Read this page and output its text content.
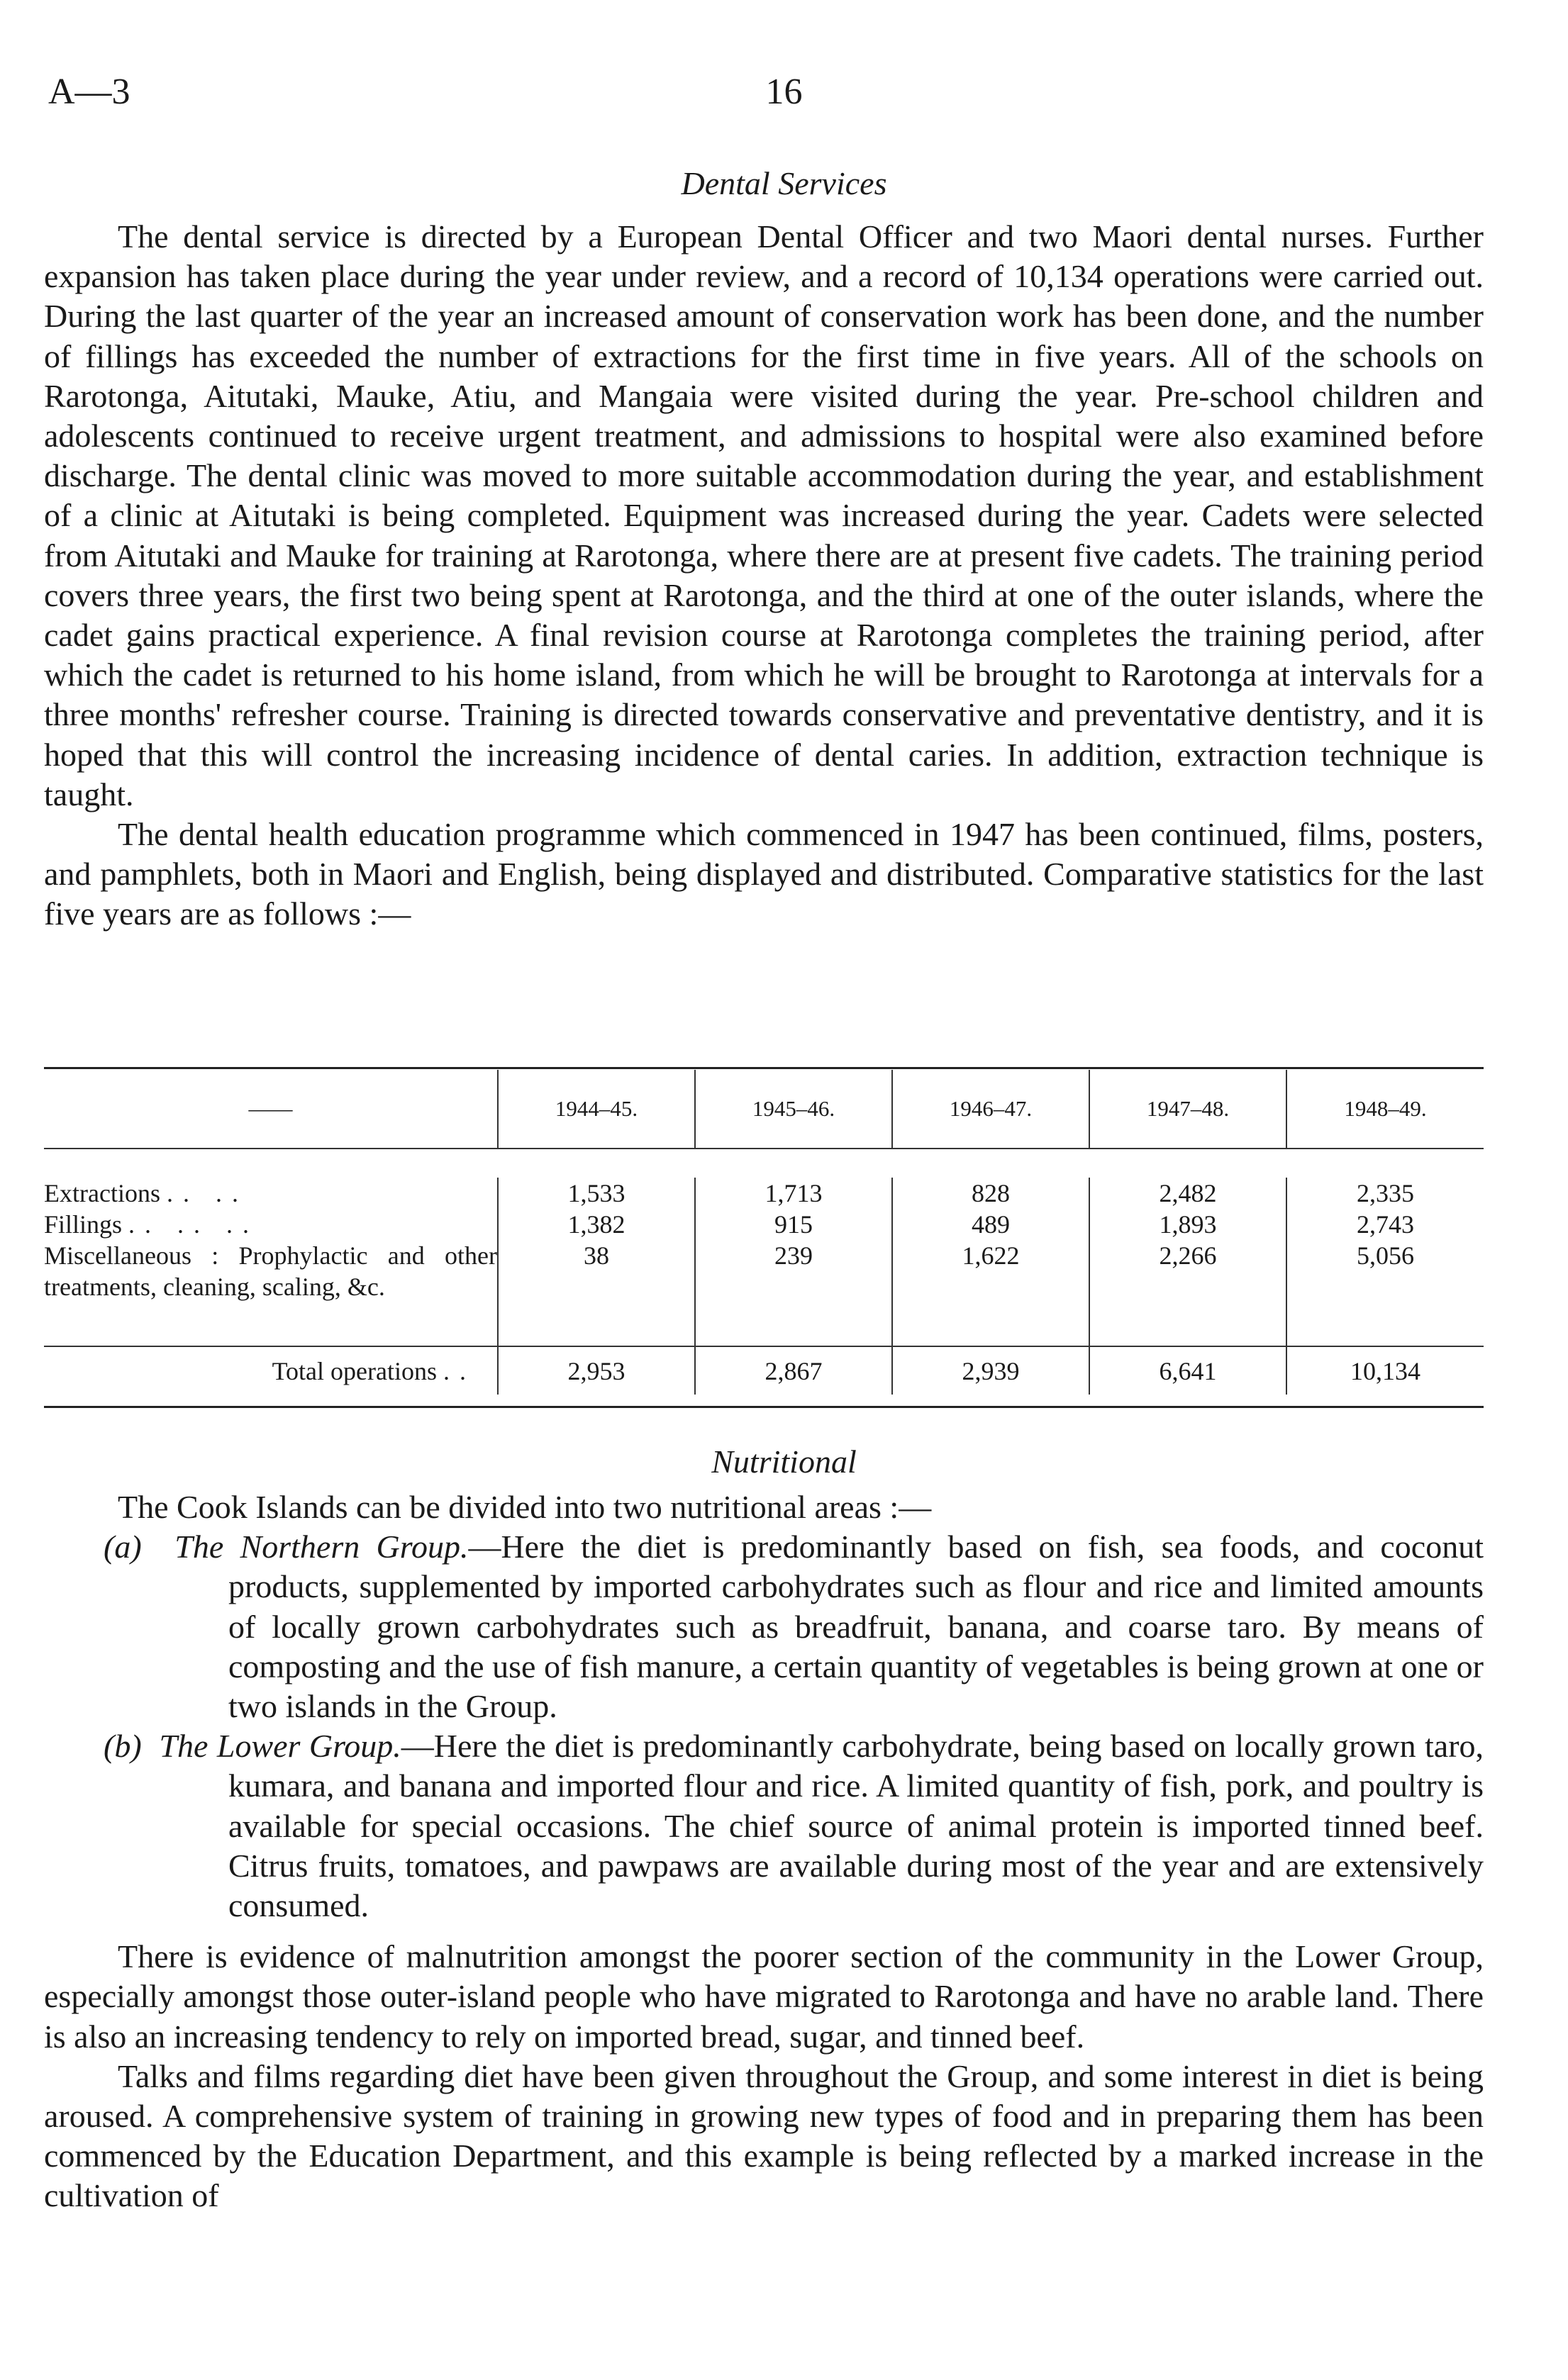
A—3	16
Dental Services

The dental service is directed by a European Dental Officer and two Maori dental nurses. Further expansion has taken place during the year under review, and a record of 10,134 operations were carried out. During the last quarter of the year an increased amount of conservation work has been done, and the number of fillings has exceeded the number of extractions for the first time in five years. All of the schools on Rarotonga, Aitutaki, Mauke, Atiu, and Mangaia were visited during the year. Pre-school children and adolescents continued to receive urgent treatment, and admissions to hospital were also examined before discharge. The dental clinic was moved to more suitable accommodation during the year, and establishment of a clinic at Aitutaki is being completed. Equipment was increased during the year. Cadets were selected from Aitutaki and Mauke for training at Rarotonga, where there are at present five cadets. The training period covers three years, the first two being spent at Rarotonga, and the third at one of the outer islands, where the cadet gains practical experience. A final revision course at Rarotonga completes the training period, after which the cadet is returned to his home island, from which he will be brought to Rarotonga at intervals for a three months' refresher course. Training is directed towards conservative and preventative dentistry, and it is hoped that this will control the increasing incidence of dental caries. In addition, extraction technique is taught.

The dental health education programme which commenced in 1947 has been continued, films, posters, and pamphlets, both in Maori and English, being displayed and distributed. Comparative statistics for the last five years are as follows :—

——	1944–45.	1945–46.	1946–47.	1947–48.	1948–49.

Extractions .. ..	1,533	1,713	828	2,482	2,335
Fillings .. .. ..	1,382	915	489	1,893	2,743
Miscellaneous : Prophylactic and other treatments, cleaning, scaling, &c.	38	239	1,622	2,266	5,056
Total operations ..	2,953	2,867	2,939	6,641	10,134
Nutritional

The Cook Islands can be divided into two nutritional areas :—

(a) The Northern Group.—Here the diet is predominantly based on fish, sea foods, and coconut products, supplemented by imported carbohydrates such as flour and rice and limited amounts of locally grown carbohydrates such as breadfruit, banana, and coarse taro. By means of composting and the use of fish manure, a certain quantity of vegetables is being grown at one or two islands in the Group.

(b) The Lower Group.—Here the diet is predominantly carbohydrate, being based on locally grown taro, kumara, and banana and imported flour and rice. A limited quantity of fish, pork, and poultry is available for special occasions. The chief source of animal protein is imported tinned beef. Citrus fruits, tomatoes, and pawpaws are available during most of the year and are extensively consumed.

There is evidence of malnutrition amongst the poorer section of the community in the Lower Group, especially amongst those outer-island people who have migrated to Rarotonga and have no arable land. There is also an increasing tendency to rely on imported bread, sugar, and tinned beef.

Talks and films regarding diet have been given throughout the Group, and some interest in diet is being aroused. A comprehensive system of training in growing new types of food and in preparing them has been commenced by the Education Department, and this example is being reflected by a marked increase in the cultivation of
